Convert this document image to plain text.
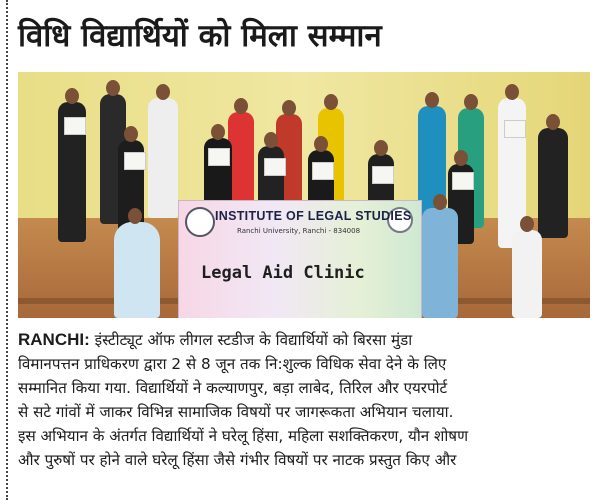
विधि विद्यार्थियों को मिला सम्मान
INSTITUTE OF LEGAL STUDIES
Ranchi University, Ranchi - 834008
Legal Aid Clinic

RANCHI: इंस्टीट्यूट ऑफ लीगल स्टडीज के विद्यार्थियों को बिरसा मुंडा

विमानपत्तन प्राधिकरण द्वारा 2 से 8 जून तक नि:शुल्क विधिक सेवा देने के लिए

सम्मानित किया गया. विद्यार्थियों ने कल्याणपुर, बड़ा लाबेद, तिरिल और एयरपोर्ट

से सटे गांवों में जाकर विभिन्न सामाजिक विषयों पर जागरूकता अभियान चलाया.

इस अभियान के अंतर्गत विद्यार्थियों ने घरेलू हिंसा, महिला सशक्तिकरण, यौन शोषण

और पुरुषों पर होने वाले घरेलू हिंसा जैसे गंभीर विषयों पर नाटक प्रस्तुत किए और
